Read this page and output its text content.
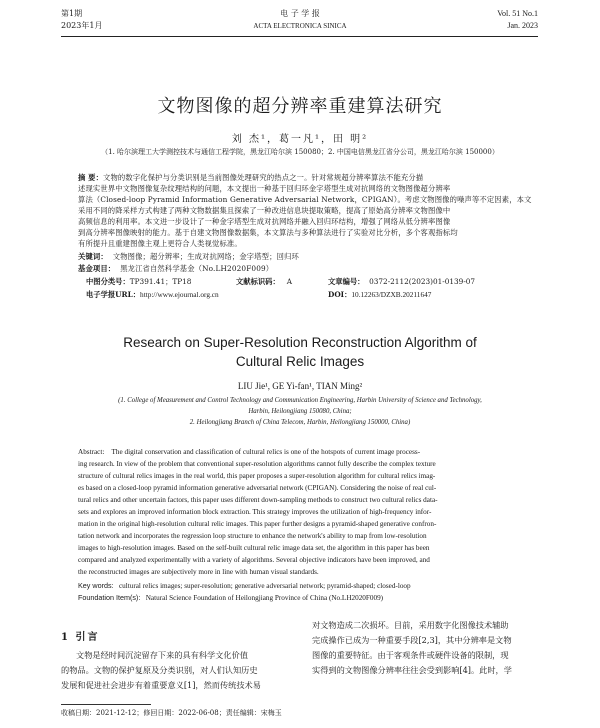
第1期
2023年1月
电 子 学 报
ACTA ELECTRONICA SINICA
Vol. 51 No.1
Jan. 2023
文物图像的超分辨率重建算法研究
刘 杰¹，葛一凡¹，田 明²
（1. 哈尔滨理工大学测控技术与通信工程学院，黑龙江哈尔滨 150080；2. 中国电信黑龙江省分公司，黑龙江哈尔滨 150000）
摘 要：文物的数字化保护与分类识别是当前图像处理研究的热点之一。针对常规超分辨率算法不能充分描
述现实世界中文物图像复杂纹理结构的问题，本文提出一种基于回归环金字塔型生成对抗网络的文物图像超分辨率
算法（Closed-loop Pyramid Information Generative Adversarial Network，CPIGAN）。考虑文物图像的噪声等不定因素，本文
采用不同的降采样方式构建了两种文物数据集且探索了一种改进信息块提取策略，提高了原始高分辨率文物图像中
高频信息的利用率。本文进一步设计了一种金字塔型生成对抗网络并融入回归环结构，增强了网络从低分辨率图像
到高分辨率图像映射的能力。基于自建文物图像数据集，本文算法与多种算法进行了实验对比分析，多个客观指标均
有所提升且重建图像主观上更符合人类视觉标准。
关键词： 文物图像；超分辨率；生成对抗网络；金字塔型；回归环
基金项目： 黑龙江省自然科学基金（No.LH2020F009）
中图分类号：TP391.41；TP18	文献标识码： A	文章编号： 0372-2112(2023)01-0139-07
电子学报URL：http://www.ejournal.org.cn	DOI：10.12263/DZXB.20211647
Research on Super-Resolution Reconstruction Algorithm of
Cultural Relic Images
LIU Jie¹, GE Yi-fan¹, TIAN Ming²
(1. College of Measurement and Control Technology and Communication Engineering, Harbin University of Science and Technology,
Harbin, Heilongjiang 150080, China;
2. Heilongjiang Branch of China Telecom, Harbin, Heilongjiang 150000, China)
Abstract: The digital conservation and classification of cultural relics is one of the hotspots of current image process-
ing research. In view of the problem that conventional super-resolution algorithms cannot fully describe the complex texture
structure of cultural relics images in the real world, this paper proposes a super-resolution algorithm for cultural relics imag-
es based on a closed-loop pyramid information generative adversarial network (CPIGAN). Considering the noise of real cul-
tural relics and other uncertain factors, this paper uses different down-sampling methods to construct two cultural relics data-
sets and explores an improved information block extraction. This strategy improves the utilization of high-frequency infor-
mation in the original high-resolution cultural relic images. This paper further designs a pyramid-shaped generative confron-
tation network and incorporates the regression loop structure to enhance the network's ability to map from low-resolution
images to high-resolution images. Based on the self-built cultural relic image data set, the algorithm in this paper has been
compared and analyzed experimentally with a variety of algorithms. Several objective indicators have been improved, and
the reconstructed images are subjectively more in line with human visual standards.
Key words: cultural relics images; super-resolution; generative adversarial network; pyramid-shaped; closed-loop
Foundation Item(s): Natural Science Foundation of Heilongjiang Province of China (No.LH2020F009)
1 引言
文物是经时间沉淀留存下来的具有科学文化价值
的物品。文物的保护复原及分类识别，对人们认知历史
发展和促进社会进步有着重要意义[1]，然而传统技术易
对文物造成二次损坏。目前，采用数字化图像技术辅助
完成操作已成为一种重要手段[2,3]，其中分辨率是文物
图像的重要特征。由于客观条件或硬件设备的限制，现
实得到的文物图像分辨率往往会受到影响[4]。此时，学
收稿日期：2021-12-12；修回日期：2022-06-08；责任编辑：宋梅玉
